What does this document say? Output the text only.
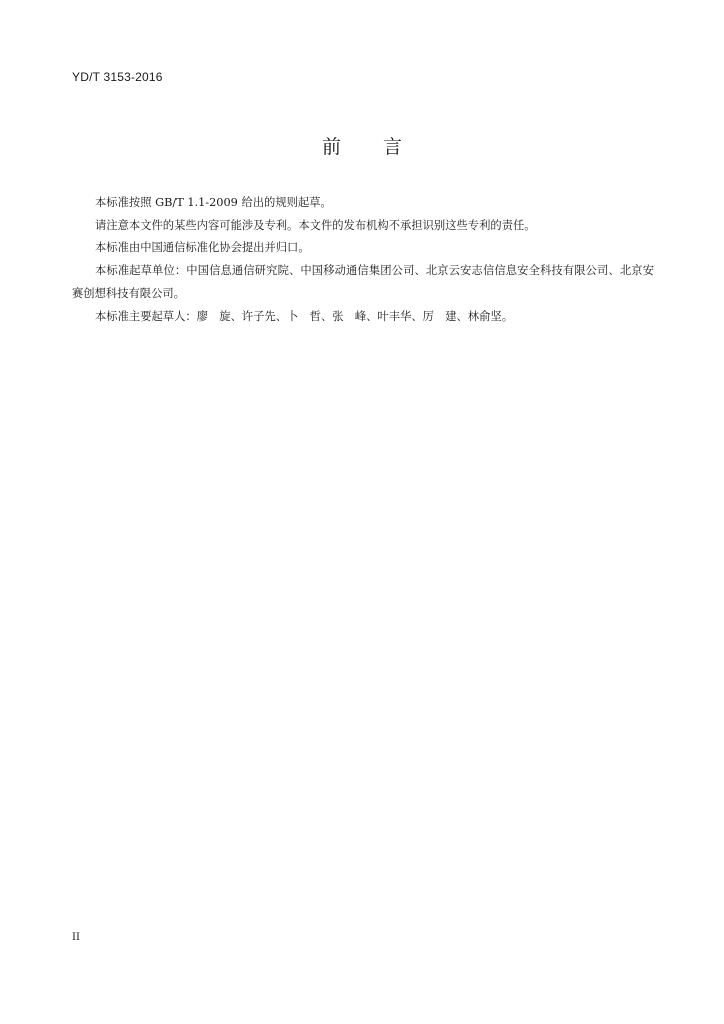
YD/T 3153-2016
前 言

本标准按照 GB/T 1.1-2009 给出的规则起草。

请注意本文件的某些内容可能涉及专利。本文件的发布机构不承担识别这些专利的责任。

本标准由中国通信标准化协会提出并归口。

本标准起草单位：中国信息通信研究院、中国移动通信集团公司、北京云安志信信息安全科技有限公司、北京安赛创想科技有限公司。

本标准主要起草人：廖　旋、许子先、卜　哲、张　峰、叶丰华、厉　建、林俞坚。

II
